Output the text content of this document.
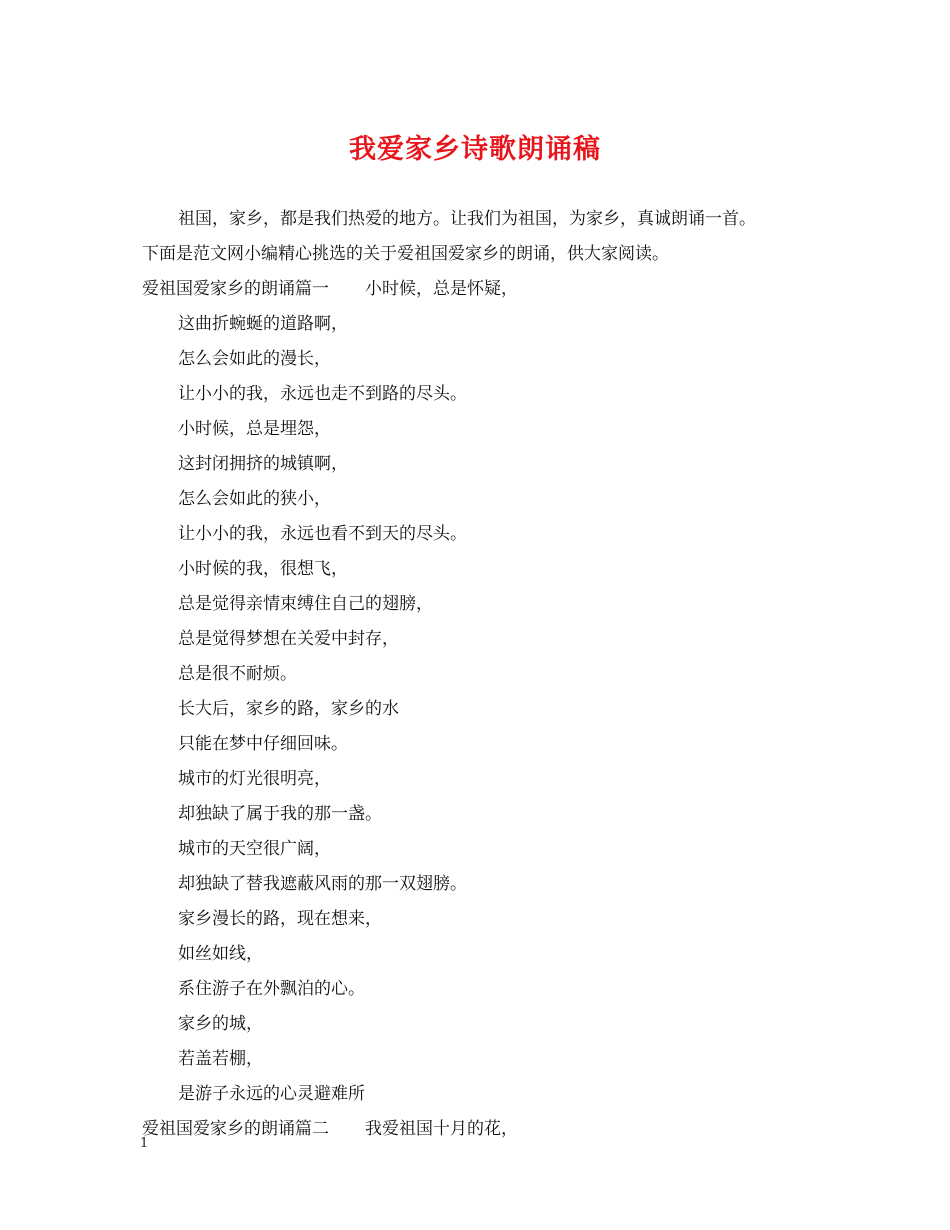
我爱家乡诗歌朗诵稿
祖国，家乡，都是我们热爱的地方。让我们为祖国，为家乡，真诚朗诵一首。
下面是范文网小编精心挑选的关于爱祖国爱家乡的朗诵，供大家阅读。
爱祖国爱家乡的朗诵篇一 小时候，总是怀疑，
这曲折蜿蜒的道路啊，
怎么会如此的漫长，
让小小的我，永远也走不到路的尽头。
小时候，总是埋怨，
这封闭拥挤的城镇啊，
怎么会如此的狭小，
让小小的我，永远也看不到天的尽头。
小时候的我，很想飞，
总是觉得亲情束缚住自己的翅膀，
总是觉得梦想在关爱中封存，
总是很不耐烦。
长大后，家乡的路，家乡的水
只能在梦中仔细回味。
城市的灯光很明亮，
却独缺了属于我的那一盏。
城市的天空很广阔，
却独缺了替我遮蔽风雨的那一双翅膀。
家乡漫长的路，现在想来，
如丝如线，
系住游子在外飘泊的心。
家乡的城，
若盖若棚，
是游子永远的心灵避难所
爱祖国爱家乡的朗诵篇二 我爱祖国十月的花，
1
